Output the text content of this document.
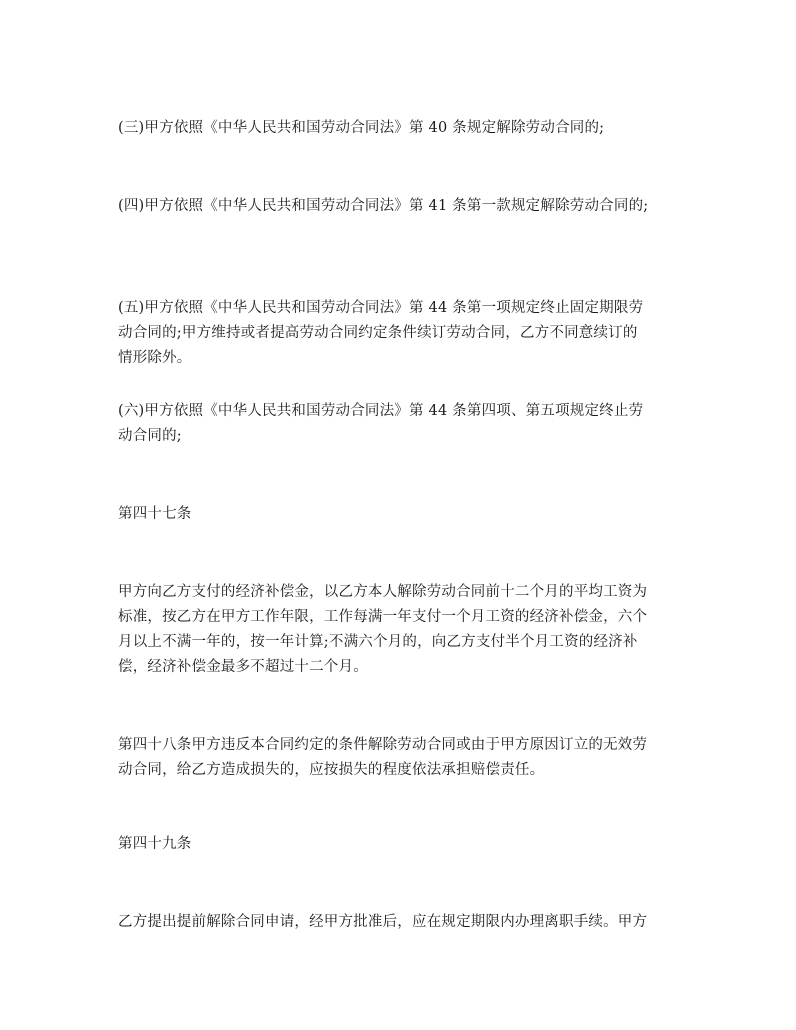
(三)甲方依照《中华人民共和国劳动合同法》第 40 条规定解除劳动合同的;

(四)甲方依照《中华人民共和国劳动合同法》第 41 条第一款规定解除劳动合同的;

(五)甲方依照《中华人民共和国劳动合同法》第 44 条第一项规定终止固定期限劳
动合同的;甲方维持或者提高劳动合同约定条件续订劳动合同，乙方不同意续订的
情形除外。

(六)甲方依照《中华人民共和国劳动合同法》第 44 条第四项、第五项规定终止劳
动合同的;

第四十七条

甲方向乙方支付的经济补偿金，以乙方本人解除劳动合同前十二个月的平均工资为
标准，按乙方在甲方工作年限，工作每满一年支付一个月工资的经济补偿金，六个
月以上不满一年的，按一年计算;不满六个月的，向乙方支付半个月工资的经济补
偿，经济补偿金最多不超过十二个月。

第四十八条甲方违反本合同约定的条件解除劳动合同或由于甲方原因订立的无效劳
动合同，给乙方造成损失的，应按损失的程度依法承担赔偿责任。

第四十九条

乙方提出提前解除合同申请，经甲方批准后，应在规定期限内办理离职手续。甲方
